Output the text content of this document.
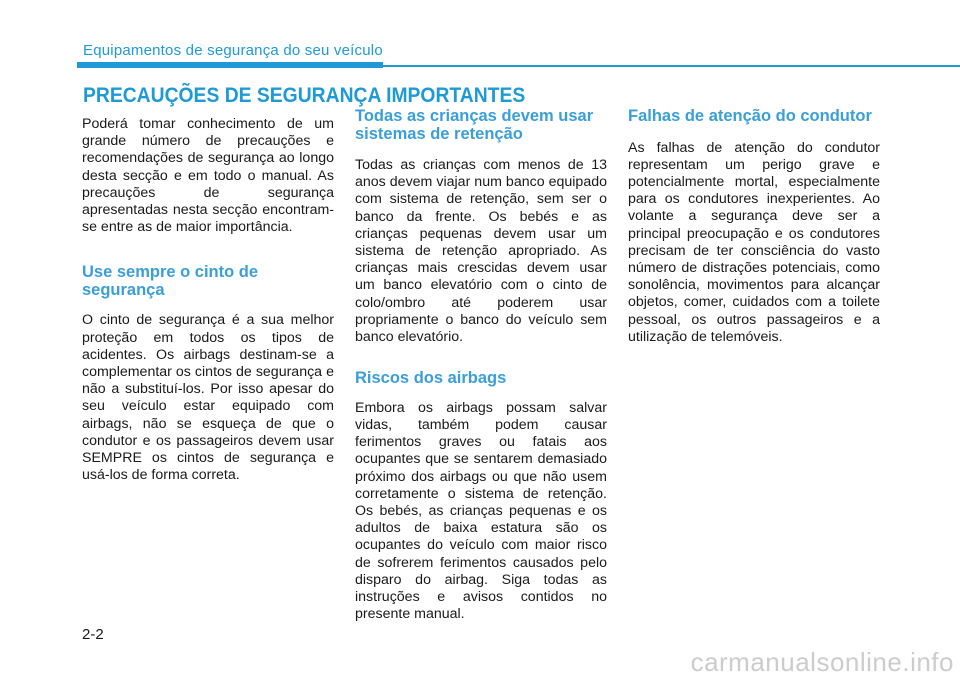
Equipamentos de segurança do seu veículo
PRECAUÇÕES DE SEGURANÇA IMPORTANTES

Poderá tomar conhecimento de um grande número de precauções e recomendações de segurança ao longo desta secção e em todo o manual. As precauções de segurança apresentadas nesta secção encontram-se entre as de maior importância.

Use sempre o cinto de segurança

O cinto de segurança é a sua melhor proteção em todos os tipos de acidentes. Os airbags destinam-se a complementar os cintos de segurança e não a substituí-los. Por isso apesar do seu veículo estar equipado com airbags, não se esqueça de que o condutor e os passageiros devem usar SEMPRE os cintos de segurança e usá-los de forma correta.

Todas as crianças devem usar sistemas de retenção

Todas as crianças com menos de 13 anos devem viajar num banco equipado com sistema de retenção, sem ser o banco da frente. Os bebés e as crianças pequenas devem usar um sistema de retenção apropriado. As crianças mais crescidas devem usar um banco elevatório com o cinto de colo/ombro até poderem usar propriamente o banco do veículo sem banco elevatório.

Riscos dos airbags

Embora os airbags possam salvar vidas, também podem causar ferimentos graves ou fatais aos ocupantes que se sentarem demasiado próximo dos airbags ou que não usem corretamente o sistema de retenção. Os bebés, as crianças pequenas e os adultos de baixa estatura são os ocupantes do veículo com maior risco de sofrerem ferimentos causados pelo disparo do airbag. Siga todas as instruções e avisos contidos no presente manual.

Falhas de atenção do condutor

As falhas de atenção do condutor representam um perigo grave e potencialmente mortal, especialmente para os condutores inexperientes. Ao volante a segurança deve ser a principal preocupação e os condutores precisam de ter consciência do vasto número de distrações potenciais, como sonolência, movimentos para alcançar objetos, comer, cuidados com a toilete pessoal, os outros passageiros e a utilização de telemóveis.

2-2
carmanualsonline.info
